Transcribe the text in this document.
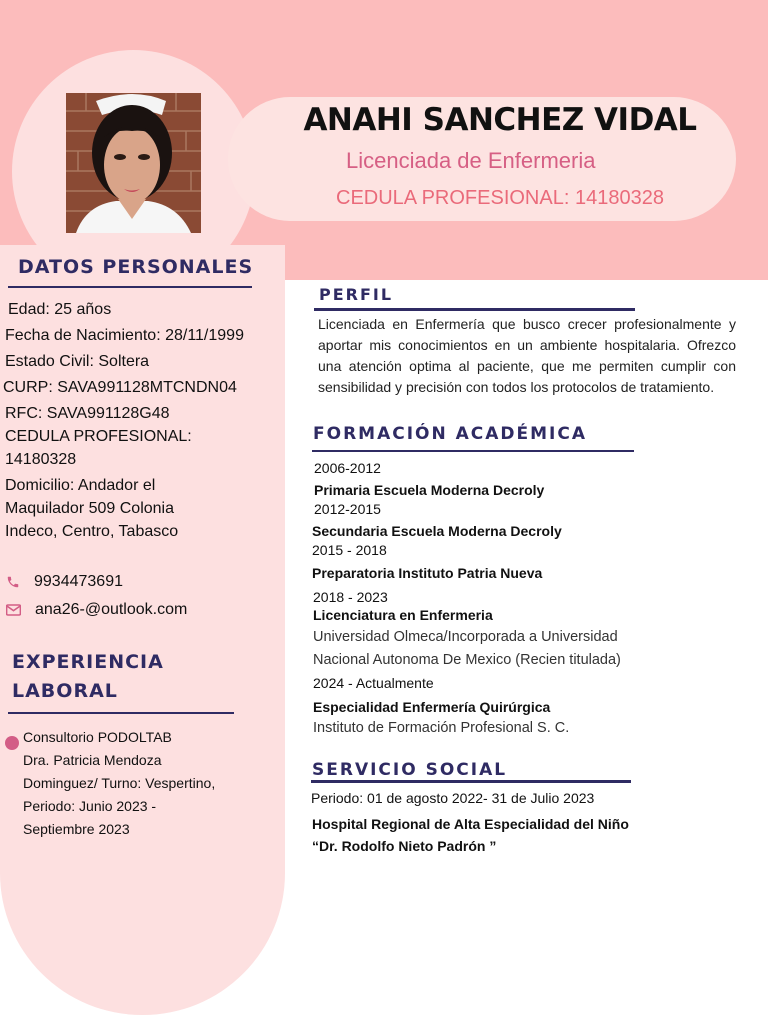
ANAHI SANCHEZ VIDAL
Licenciada de Enfermeria
CEDULA PROFESIONAL: 14180328
DATOS PERSONALES
Edad: 25 años
Fecha de Nacimiento: 28/11/1999
Estado Civil: Soltera
CURP: SAVA991128MTCNDN04
RFC: SAVA991128G48
CEDULA PROFESIONAL:
14180328
Domicilio: Andador el
Maquilador 509 Colonia
Indeco, Centro, Tabasco
9934473691
ana26-@outlook.com
EXPERIENCIA
LABORAL
Consultorio PODOLTAB
Dra. Patricia Mendoza
Dominguez/ Turno: Vespertino,
Periodo: Junio 2023 -
Septiembre 2023
PERFIL
Licenciada en Enfermería que busco crecer profesionalmente y aportar mis conocimientos en un ambiente hospitalaria. Ofrezco una atención optima al paciente, que me permiten cumplir con sensibilidad y precisión con todos los protocolos de tratamiento.
FORMACIÓN ACADÉMICA
2006-2012
Primaria Escuela Moderna Decroly
2012-2015
Secundaria Escuela Moderna Decroly
2015 - 2018
Preparatoria Instituto Patria Nueva
2018 - 2023
Licenciatura en Enfermeria
Universidad Olmeca/Incorporada a Universidad
Nacional Autonoma De Mexico (Recien titulada)
2024 - Actualmente
Especialidad Enfermería Quirúrgica
Instituto de Formación Profesional S. C.
SERVICIO SOCIAL
Periodo: 01 de agosto 2022- 31 de Julio 2023
Hospital Regional de Alta Especialidad del Niño
“Dr. Rodolfo Nieto Padrón ”
